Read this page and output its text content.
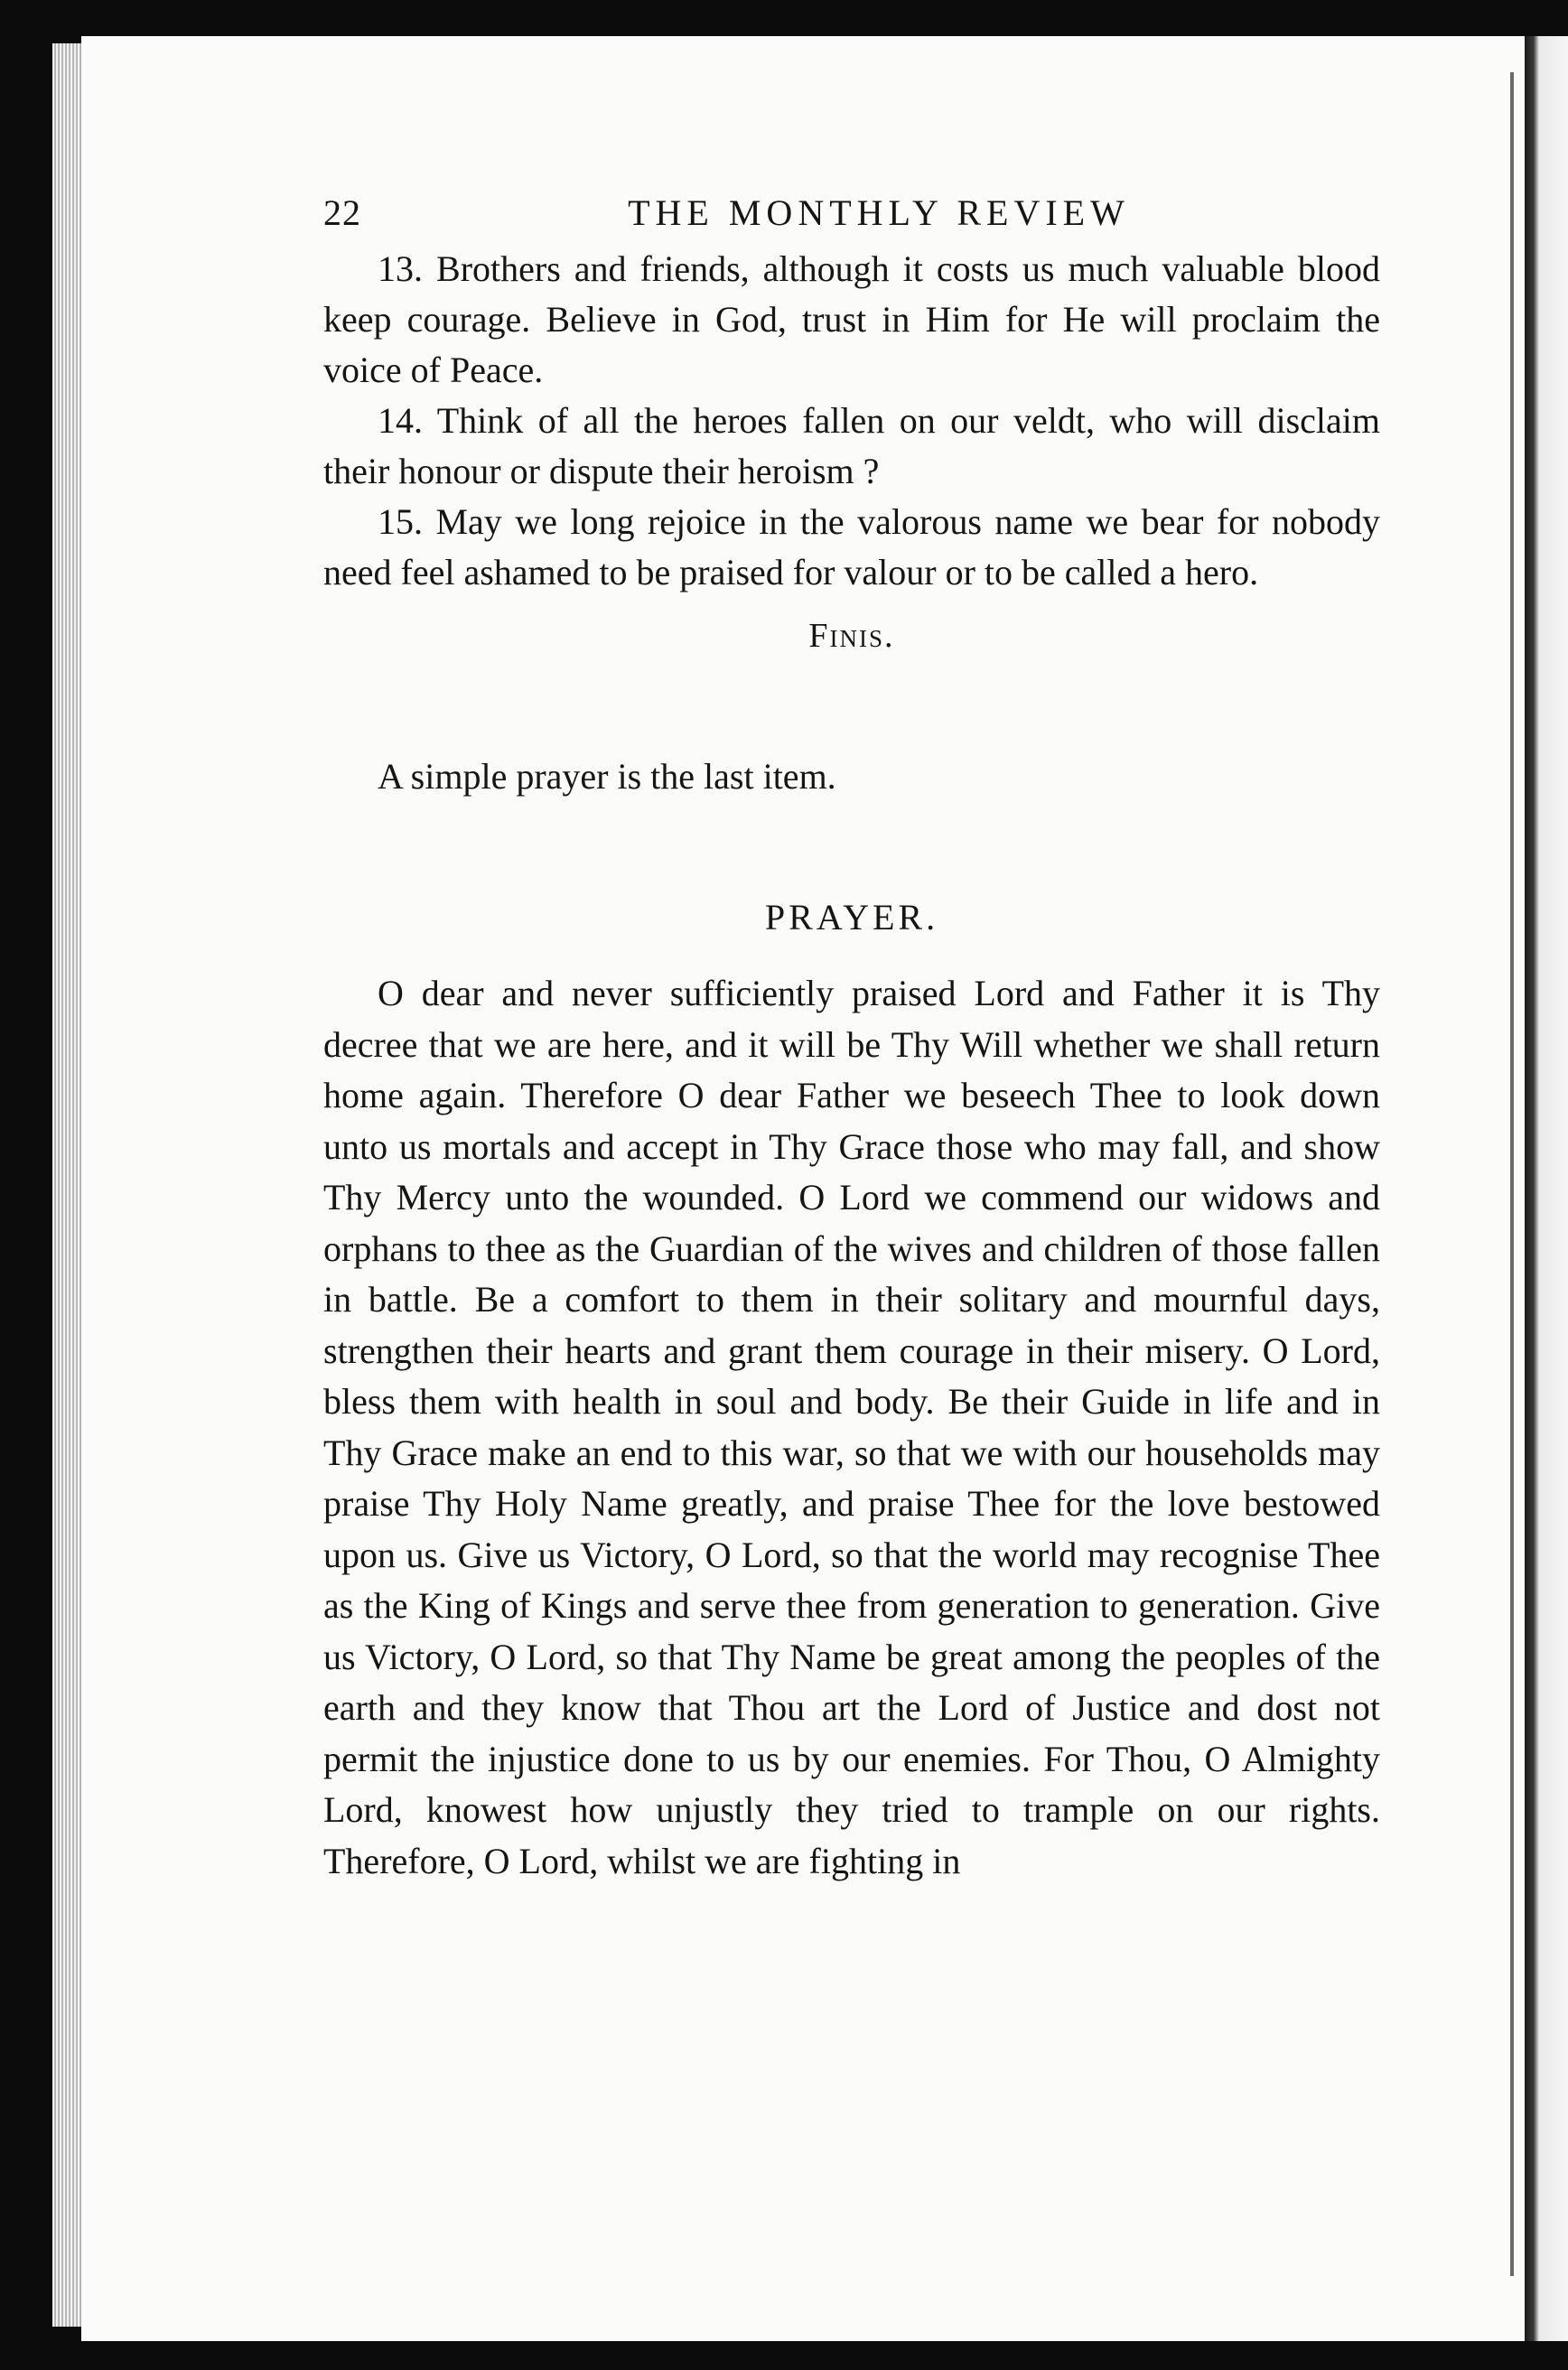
22	THE MONTHLY REVIEW

13. Brothers and friends, although it costs us much valuable blood keep courage. Believe in God, trust in Him for He will proclaim the voice of Peace.

14. Think of all the heroes fallen on our veldt, who will disclaim their honour or dispute their heroism ?

15. May we long rejoice in the valorous name we bear for nobody need feel ashamed to be praised for valour or to be called a hero.

Finis.

A simple prayer is the last item.

PRAYER.

O dear and never sufficiently praised Lord and Father it is Thy decree that we are here, and it will be Thy Will whether we shall return home again. Therefore O dear Father we beseech Thee to look down unto us mortals and accept in Thy Grace those who may fall, and show Thy Mercy unto the wounded. O Lord we commend our widows and orphans to thee as the Guardian of the wives and children of those fallen in battle. Be a comfort to them in their solitary and mournful days, strengthen their hearts and grant them courage in their misery. O Lord, bless them with health in soul and body. Be their Guide in life and in Thy Grace make an end to this war, so that we with our households may praise Thy Holy Name greatly, and praise Thee for the love bestowed upon us. Give us Victory, O Lord, so that the world may recognise Thee as the King of Kings and serve thee from generation to generation. Give us Victory, O Lord, so that Thy Name be great among the peoples of the earth and they know that Thou art the Lord of Justice and dost not permit the injustice done to us by our enemies. For Thou, O Almighty Lord, knowest how unjustly they tried to trample on our rights. Therefore, O Lord, whilst we are fighting in
